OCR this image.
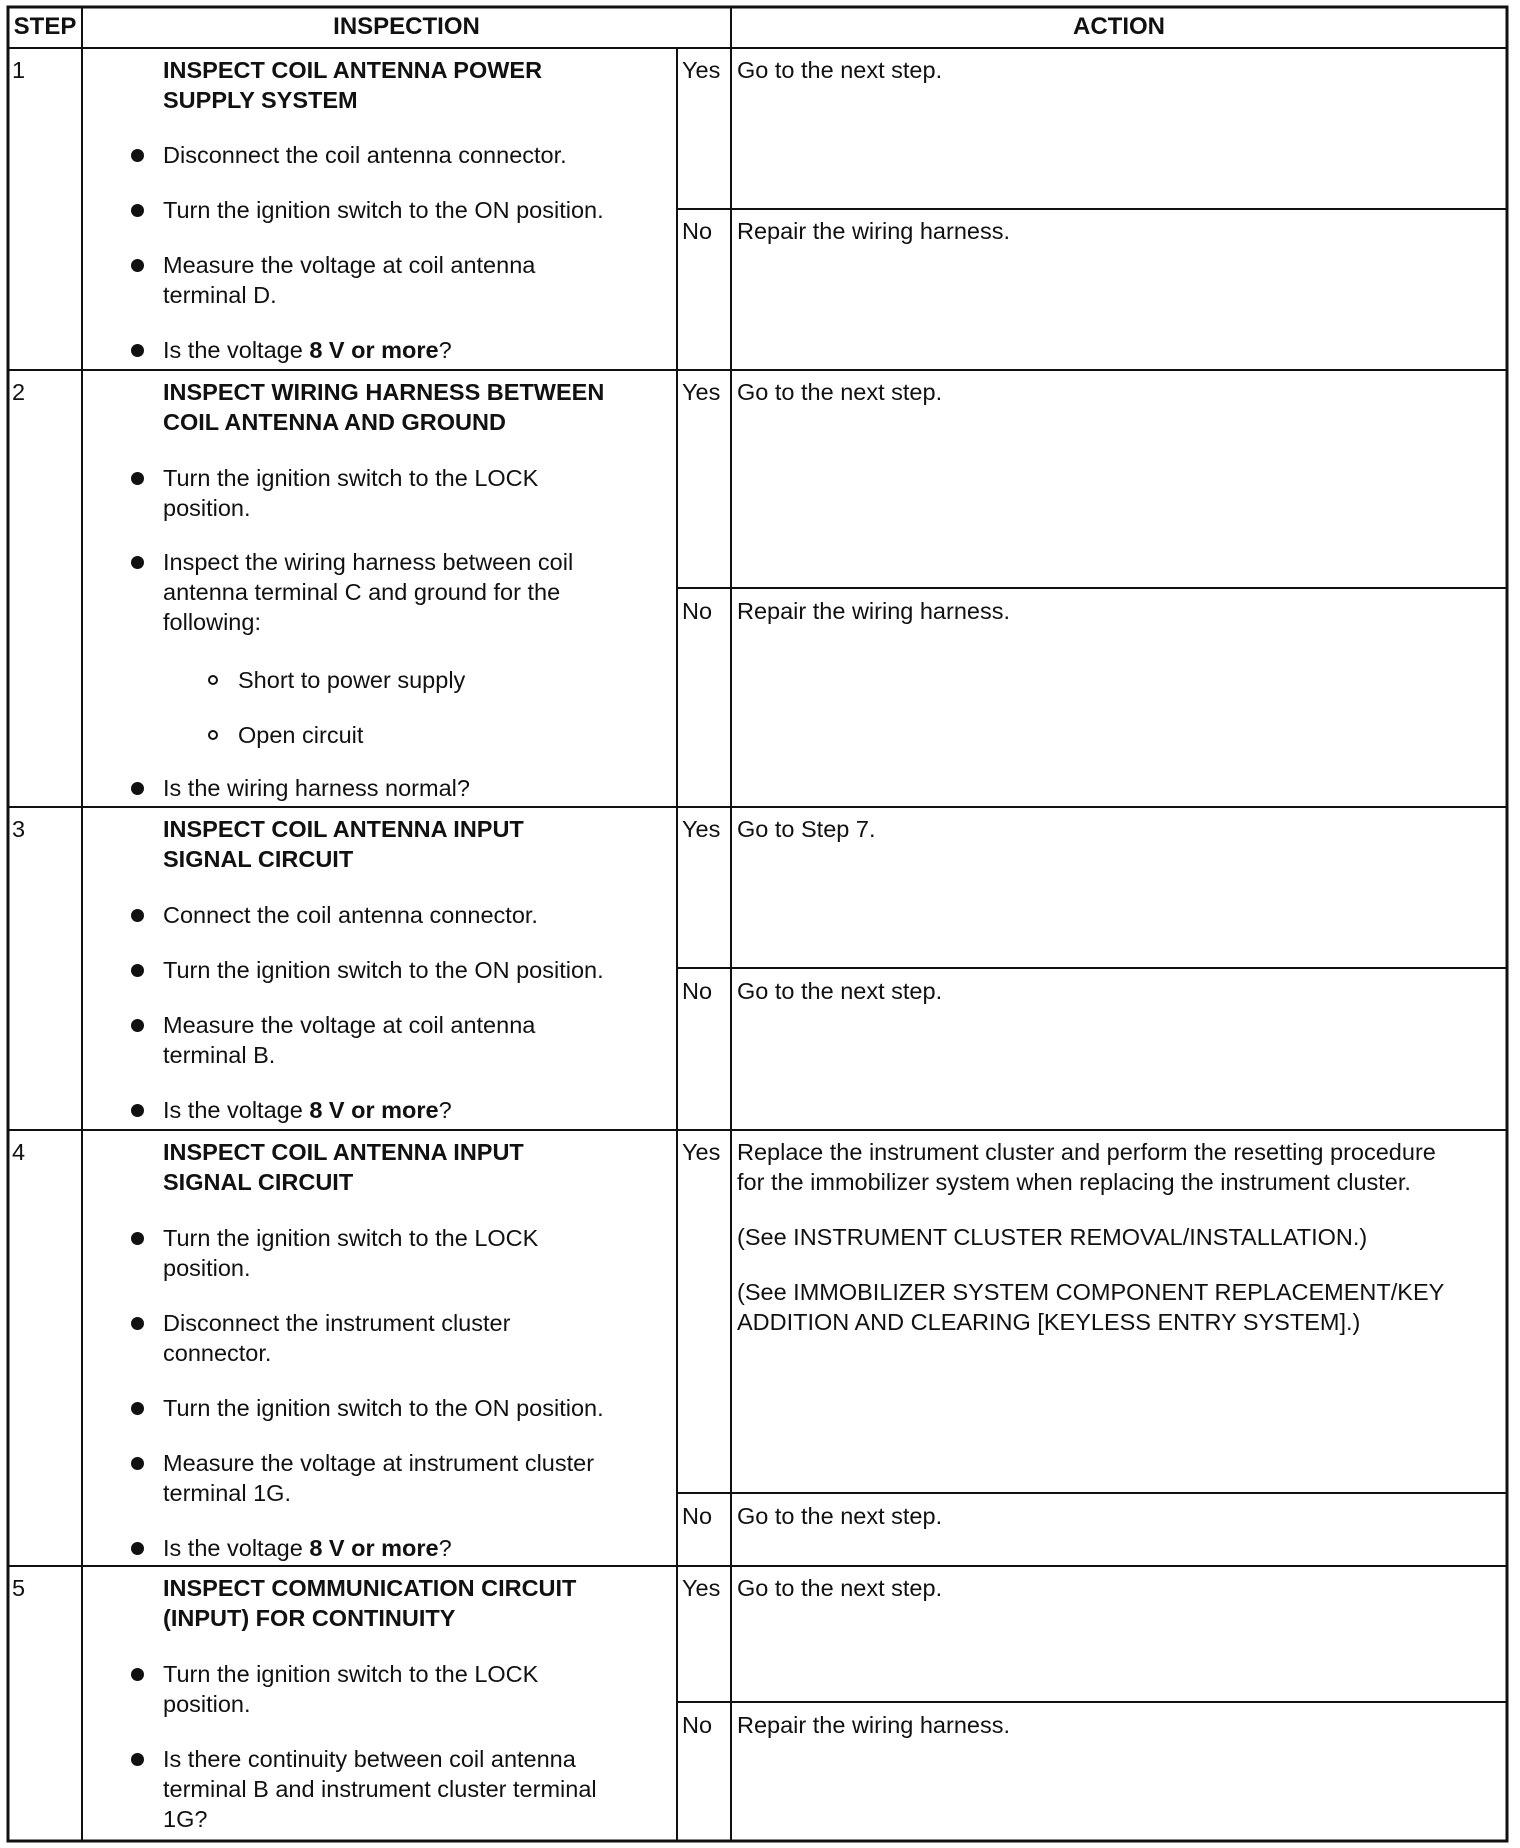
STEP	INSPECTION	ACTION
1	INSPECT COIL ANTENNA POWER
SUPPLY SYSTEM
Disconnect the coil antenna connector.
Turn the ignition switch to the ON position.
Measure the voltage at coil antenna
terminal D.
Is the voltage 8 V or more?
Yes Go to the next step.
No Repair the wiring harness.
2	INSPECT WIRING HARNESS BETWEEN
COIL ANTENNA AND GROUND
Turn the ignition switch to the LOCK
position.
Inspect the wiring harness between coil
antenna terminal C and ground for the
following:
Short to power supply
Open circuit
Is the wiring harness normal?
Yes Go to the next step.
No Repair the wiring harness.
3	INSPECT COIL ANTENNA INPUT
SIGNAL CIRCUIT
Connect the coil antenna connector.
Turn the ignition switch to the ON position.
Measure the voltage at coil antenna
terminal B.
Is the voltage 8 V or more?
Yes Go to Step 7.
No Go to the next step.
4	INSPECT COIL ANTENNA INPUT
SIGNAL CIRCUIT
Turn the ignition switch to the LOCK
position.
Disconnect the instrument cluster
connector.
Turn the ignition switch to the ON position.
Measure the voltage at instrument cluster
terminal 1G.
Is the voltage 8 V or more?
Yes Replace the instrument cluster and perform the resetting procedure
for the immobilizer system when replacing the instrument cluster.
(See INSTRUMENT CLUSTER REMOVAL/INSTALLATION.)
(See IMMOBILIZER SYSTEM COMPONENT REPLACEMENT/KEY
ADDITION AND CLEARING [KEYLESS ENTRY SYSTEM].)
No Go to the next step.
5	INSPECT COMMUNICATION CIRCUIT
(INPUT) FOR CONTINUITY
Turn the ignition switch to the LOCK
position.
Is there continuity between coil antenna
terminal B and instrument cluster terminal
1G?
Yes Go to the next step.
No Repair the wiring harness.
